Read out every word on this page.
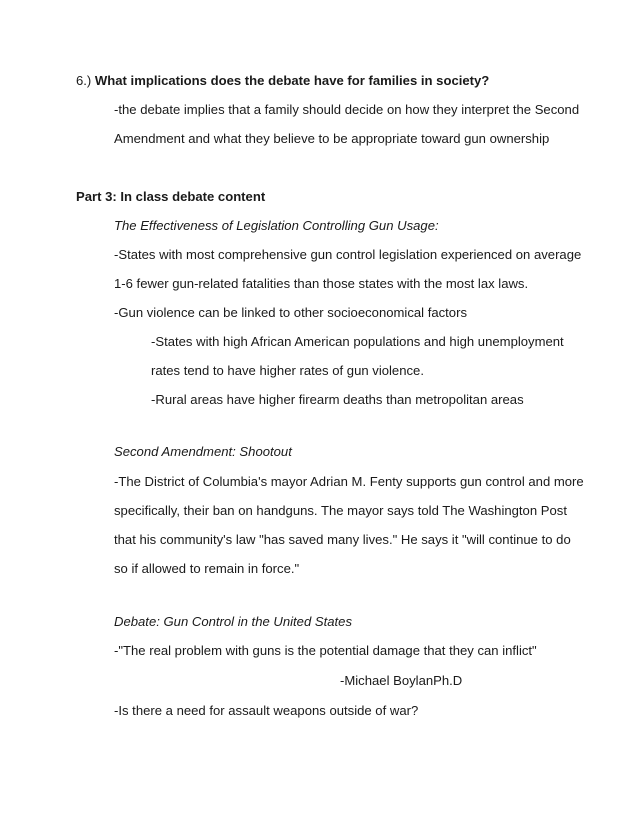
6.) What implications does the debate have for families in society?
-the debate implies that a family should decide on how they interpret the Second
Amendment and what they believe to be appropriate toward gun ownership
Part 3: In class debate content
The Effectiveness of Legislation Controlling Gun Usage:
-States with most comprehensive gun control legislation experienced on average
1-6 fewer gun-related fatalities than those states with the most lax laws.
-Gun violence can be linked to other socioeconomical factors
-States with high African American populations and high unemployment
rates tend to have higher rates of gun violence.
-Rural areas have higher firearm deaths than metropolitan areas
Second Amendment: Shootout
-The District of Columbia's mayor Adrian M. Fenty supports gun control and more
specifically, their ban on handguns. The mayor says told The Washington Post
that his community's law "has saved many lives." He says it "will continue to do
so if allowed to remain in force."
Debate: Gun Control in the United States
-"The real problem with guns is the potential damage that they can inflict"
-Michael BoylanPh.D
-Is there a need for assault weapons outside of war?
